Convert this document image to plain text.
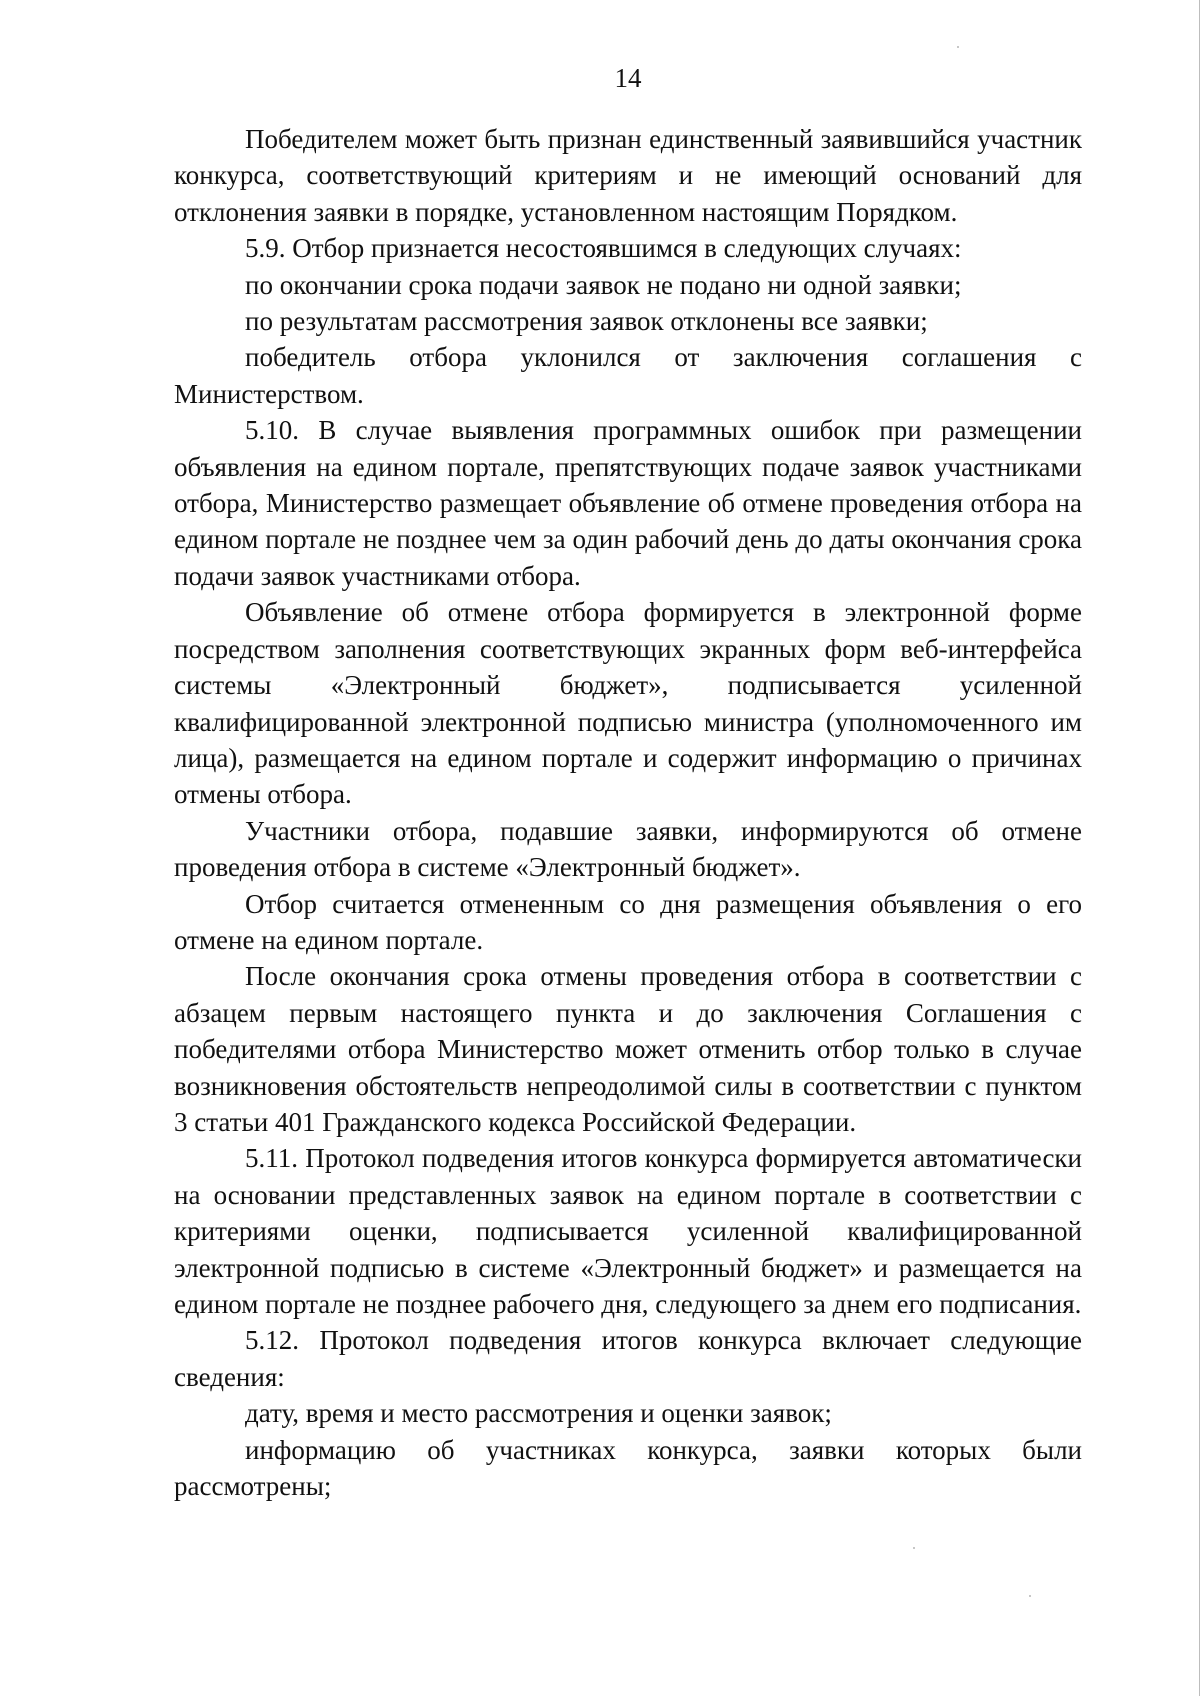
14

Победителем может быть признан единственный заявившийся участник конкурса, соответствующий критериям и не имеющий оснований для отклонения заявки в порядке, установленном настоящим Порядком.

5.9. Отбор признается несостоявшимся в следующих случаях:

по окончании срока подачи заявок не подано ни одной заявки;

по результатам рассмотрения заявок отклонены все заявки;

победитель отбора уклонился от заключения соглашения с Министерством.

5.10. В случае выявления программных ошибок при размещении объявления на едином портале, препятствующих подаче заявок участниками отбора, Министерство размещает объявление об отмене проведения отбора на едином портале не позднее чем за один рабочий день до даты окончания срока подачи заявок участниками отбора.

Объявление об отмене отбора формируется в электронной форме посредством заполнения соответствующих экранных форм веб-интерфейса системы «Электронный бюджет», подписывается усиленной квалифицированной электронной подписью министра (уполномоченного им лица), размещается на едином портале и содержит информацию о причинах отмены отбора.

Участники отбора, подавшие заявки, информируются об отмене проведения отбора в системе «Электронный бюджет».

Отбор считается отмененным со дня размещения объявления о его отмене на едином портале.

После окончания срока отмены проведения отбора в соответствии с абзацем первым настоящего пункта и до заключения Соглашения с победителями отбора Министерство может отменить отбор только в случае возникновения обстоятельств непреодолимой силы в соответствии с пунктом 3 статьи 401 Гражданского кодекса Российской Федерации.

5.11. Протокол подведения итогов конкурса формируется автоматически на основании представленных заявок на едином портале в соответствии с критериями оценки, подписывается усиленной квалифицированной электронной подписью в системе «Электронный бюджет» и размещается на едином портале не позднее рабочего дня, следующего за днем его подписания.

5.12. Протокол подведения итогов конкурса включает следующие сведения:

дату, время и место рассмотрения и оценки заявок;

информацию об участниках конкурса, заявки которых были рассмотрены;
